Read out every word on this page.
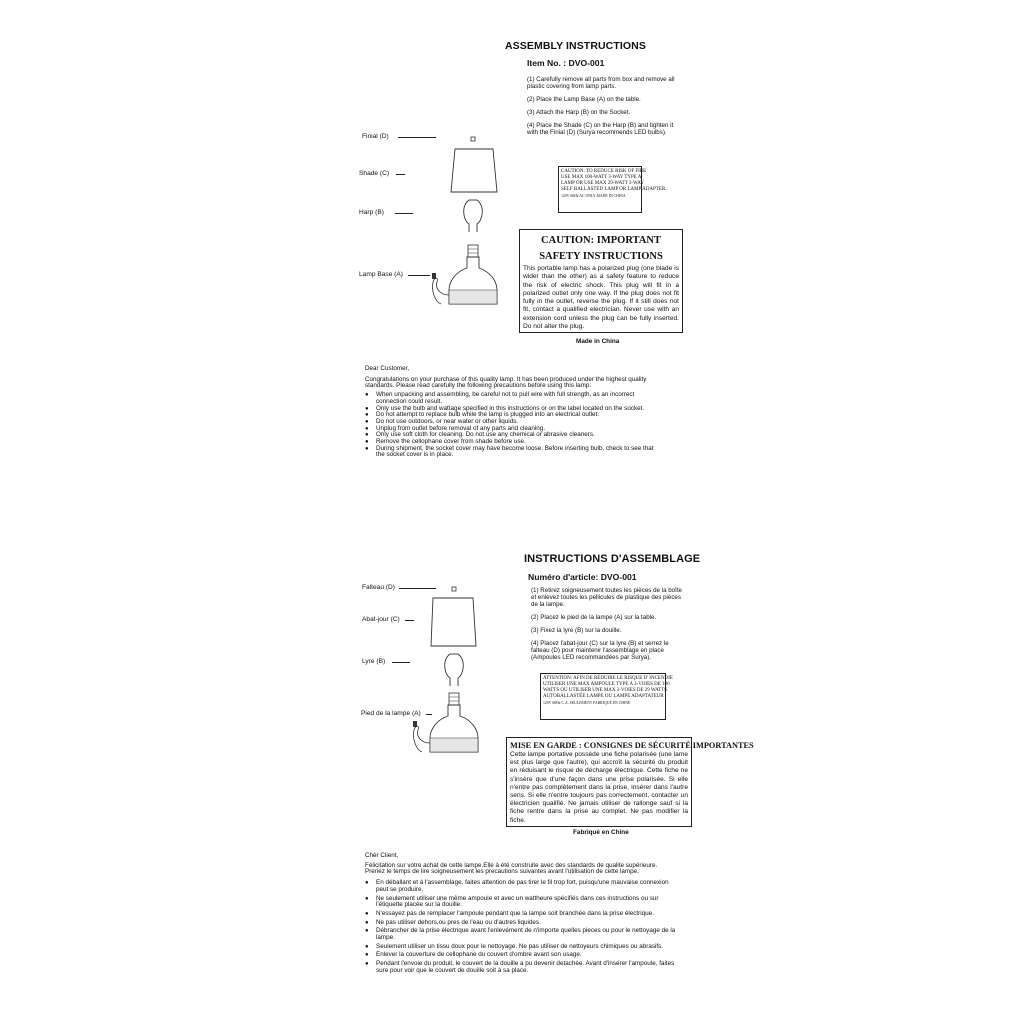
ASSEMBLY INSTRUCTIONS
Item No. : DVO-001
(1) Carefully remove all parts from box and remove all plastic covering from lamp parts.
(2) Place the Lamp Base (A) on the table.
(3) Attach the Harp (B) on the Socket.
(4) Place the Shade (C) on the Harp (B) and tighten it with the Finial (D) (Surya recommends LED bulbs).
Finial (D)
Shade (C)
Harp (B)
Lamp Base (A)
CAUTION: TO REDUCE RISK OF FIRE
USE MAX 100-WATT 3-WAY TYPE A
LAMP OR USE MAX 29-WATT 3-WAY
SELF BALLASTED LAMP OR LAMP ADAPTER.
120V 60Hz AC ONLY MADE IN CHINA
CAUTION: IMPORTANT SAFETY INSTRUCTIONS
This portable lamp has a polarized plug (one blade is wider than the other) as a safety feature to reduce the risk of electric shock. This plug will fit in a polarized outlet only one way. If the plug does not fit fully in the outlet, reverse the plug. If it still does not fit, contact a qualified electrician. Never use with an extension cord unless the plug can be fully inserted. Do not alter the plug.
Made in China
Dear Customer,
Congratulations on your purchase of this quality lamp. It has been produced under the highest quality standards. Please read carefully the following precautions before using this lamp:
● When unpacking and assembling, be careful not to pull wire with full strength, as an incorrect connection could result.
● Only use the bulb and wattage specified in this instructions or on the label located on the socket.
● Do not attempt to replace bulb while the lamp is plugged into an electrical outlet.
● Do not use outdoors, or near water or other liquids.
● Unplug from outlet before removal of any parts and cleaning.
● Only use soft cloth for cleaning. Do not use any chemical or abrasive cleaners.
● Remove the cellophane cover from shade before use.
● During shipment, the socket cover may have become loose. Before inserting bulb, check to see that the socket cover is in place.
INSTRUCTIONS D'ASSEMBLAGE
Numéro d'article: DVO-001
(1) Retirez soigneusement toutes les pièces de la boîte et enlevez toutes les pellicules de plastique des pièces de la lampe.
(2) Placez le pied de la lampe (A) sur la table.
(3) Fixez la lyre (B) sur la douille.
(4) Placez l'abat-jour (C) sur la lyre (B) et serrez le falteau (D) pour maintenir l'assemblage en place (Ampoules LED recommandées par Surya).
Falteau (D)
Abat-jour (C)
Lyre (B)
Pied de la lampe (A)
ATTENTION: AFIN DE RÉDUIRE LE RISQUE D' INCENDIE
UTILISER UNE MAX AMPOULE TYPE A 3-VOIES DE 100
WATTS OU UTILISER UNE MAX 3-VOIES DE 29 WATTS
AUTOBALLASTÉE LAMPE OU LAMPE ADAPTATEUR
120V 60Hz C.A. SEULEMENT FABRIQUÉ EN CHINE
MISE EN GARDE : CONSIGNES DE SÉCURITÉ IMPORTANTES
Cette lampe portative possède une fiche polarisée (une lame est plus large que l'autre), qui accroît la sécurité du produit en réduisant le risque de décharge électrique. Cette fiche ne s'insère que d'une façon dans une prise polarisée. Si elle n'entre pas complètement dans la prise, insérer dans l'autre sens. Si elle n'entre toujours pas correctement, contacter un électricien qualifié. Ne jamais utiliser de rallonge sauf si la fiche rentre dans la prise au complet. Ne pas modifier la fiche.
Fabriqué en Chine
Chèr Client,
Félicitation sur votre achat de cette lampe.Elle à été construite avec des standards de qualite supérieure. Prenez le temps de lire soigneusement les precautions suivantes avant l'utilisation de cette lampe.
● En déballant et à l'assemblage, faites attention de pas tirer le fil trop fort, puisqu'une mauvaise connexion peut se produire.
● Ne seulement utiliser une même ampoule et avec un wattheure spécifiés dans ces instructions ou sur l'étiquette placée sur la douille.
● N'essayez pas de remplacer l'ampoule pendant que la lampe soit branchée dans la prise électrique.
● Ne pas utiliser dehors,ou pres de l'eau ou d'autres liquides.
● Débrancher de la prise électrique avant l'enlevément de n'importe quelles pieces ou pour le nettoyage de la lampe.
● Seulement utiliser un tissu doux pour le nettoyage. Ne pas utiliser de nettoyeurs chimiques ou abrasifs.
● Enlever la couverture de cellophane du couvert d'ombre avant son usage.
● Pendant l'envoie du produit, le couvert de la douille a pu devenir detachée. Avant d'insérer l'ampoule, faites sure pour voir que le couvert de douille soit à sa place.
